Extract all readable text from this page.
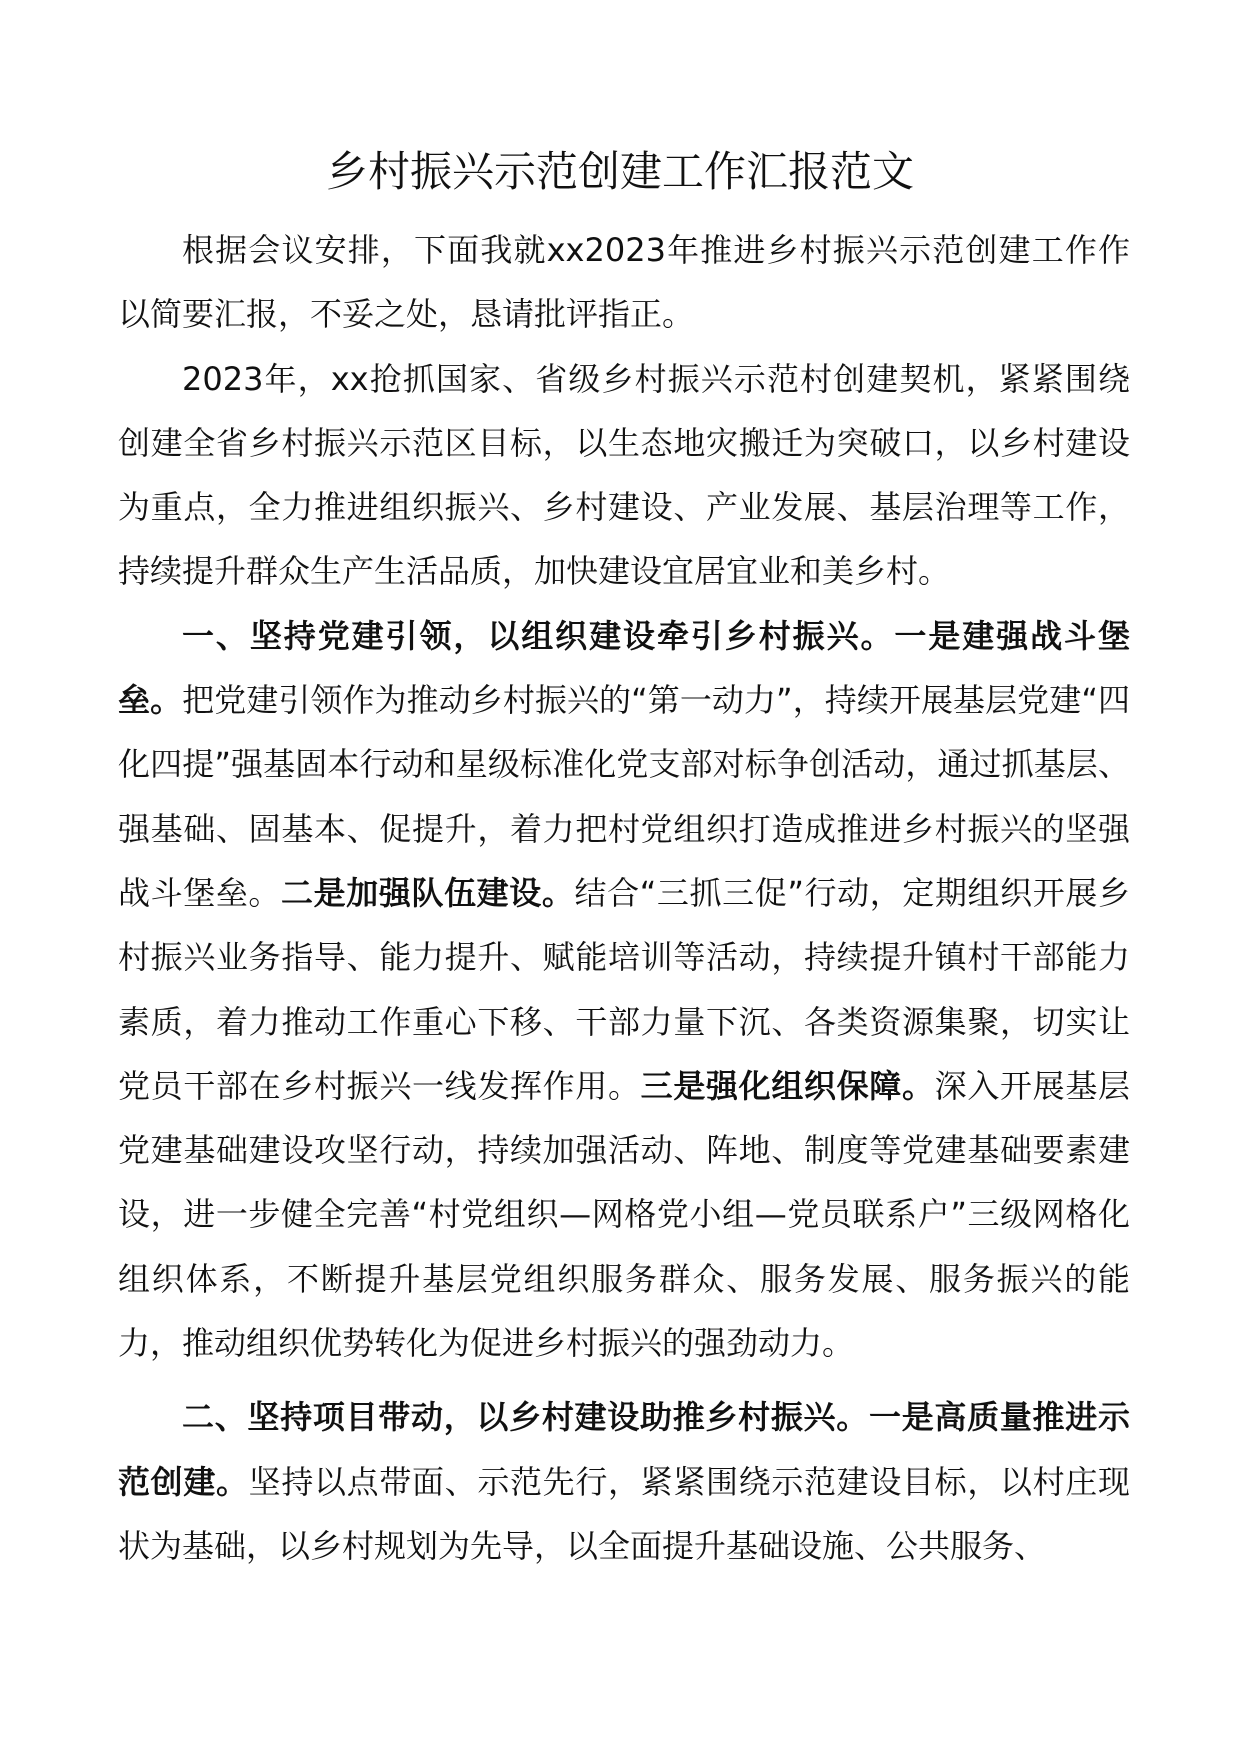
乡村振兴示范创建工作汇报范文

根据会议安排，下面我就xx2023年推进乡村振兴示范创建工作作以简要汇报，不妥之处，恳请批评指正。

2023年，xx抢抓国家、省级乡村振兴示范村创建契机，紧紧围绕创建全省乡村振兴示范区目标，以生态地灾搬迁为突破口，以乡村建设为重点，全力推进组织振兴、乡村建设、产业发展、基层治理等工作，持续提升群众生产生活品质，加快建设宜居宜业和美乡村。

一、坚持党建引领，以组织建设牵引乡村振兴。一是建强战斗堡垒。把党建引领作为推动乡村振兴的“第一动力”，持续开展基层党建“四化四提”强基固本行动和星级标准化党支部对标争创活动，通过抓基层、强基础、固基本、促提升，着力把村党组织打造成推进乡村振兴的坚强战斗堡垒。二是加强队伍建设。结合“三抓三促”行动，定期组织开展乡村振兴业务指导、能力提升、赋能培训等活动，持续提升镇村干部能力素质，着力推动工作重心下移、干部力量下沉、各类资源集聚，切实让党员干部在乡村振兴一线发挥作用。三是强化组织保障。深入开展基层党建基础建设攻坚行动，持续加强活动、阵地、制度等党建基础要素建设，进一步健全完善“村党组织—网格党小组—党员联系户”三级网格化组织体系，不断提升基层党组织服务群众、服务发展、服务振兴的能力，推动组织优势转化为促进乡村振兴的强劲动力。

二、坚持项目带动，以乡村建设助推乡村振兴。一是高质量推进示范创建。坚持以点带面、示范先行，紧紧围绕示范建设目标，以村庄现状为基础，以乡村规划为先导，以全面提升基础设施、公共服务、
